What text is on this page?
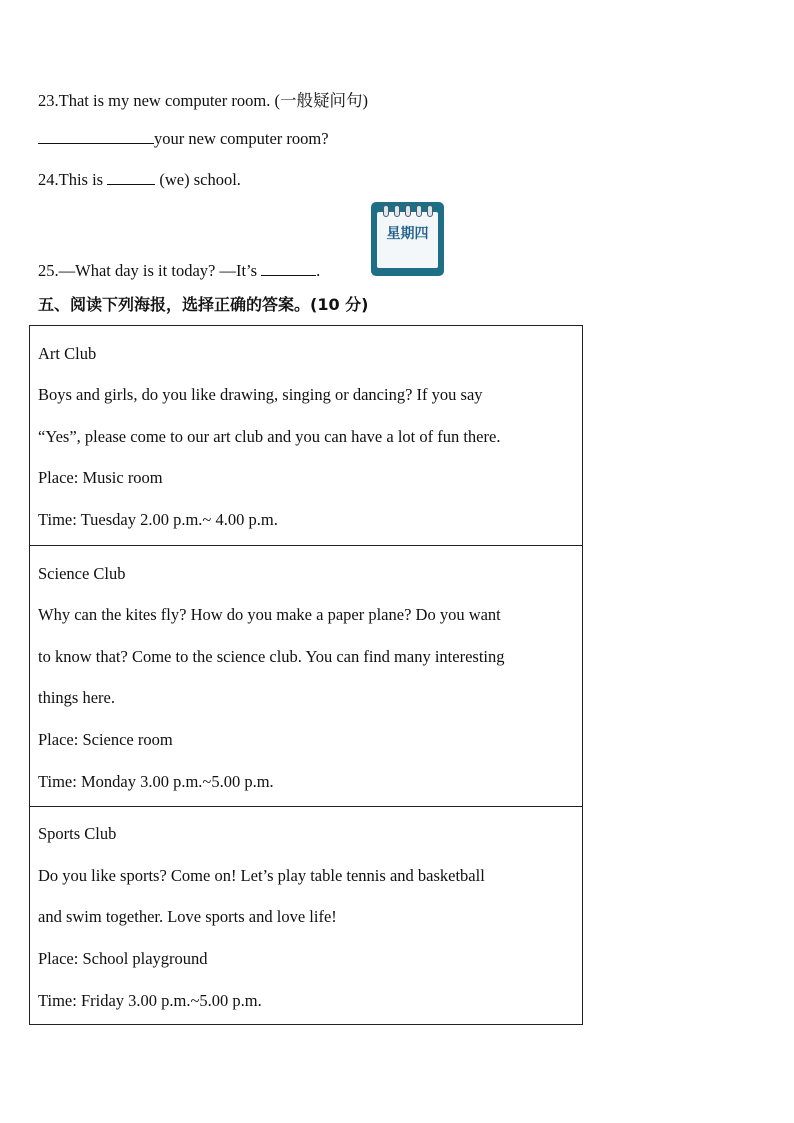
23.That is my new computer room. (一般疑问句)
your new computer room?
24.This is	(we) school.
25.—What day is it today? —It’s	.
星期四
五、阅读下列海报，选择正确的答案。(10 分)
Art Club
Boys and girls, do you like drawing, singing or dancing? If you say
“Yes”, please come to our art club and you can have a lot of fun there.
Place: Music room
Time: Tuesday 2.00 p.m.~ 4.00 p.m.
Science Club
Why can the kites fly? How do you make a paper plane? Do you want
to know that? Come to the science club. You can find many interesting
things here.
Place: Science room
Time: Monday 3.00 p.m.~5.00 p.m.
Sports Club
Do you like sports? Come on! Let’s play table tennis and basketball
and swim together. Love sports and love life!
Place: School playground
Time: Friday 3.00 p.m.~5.00 p.m.
